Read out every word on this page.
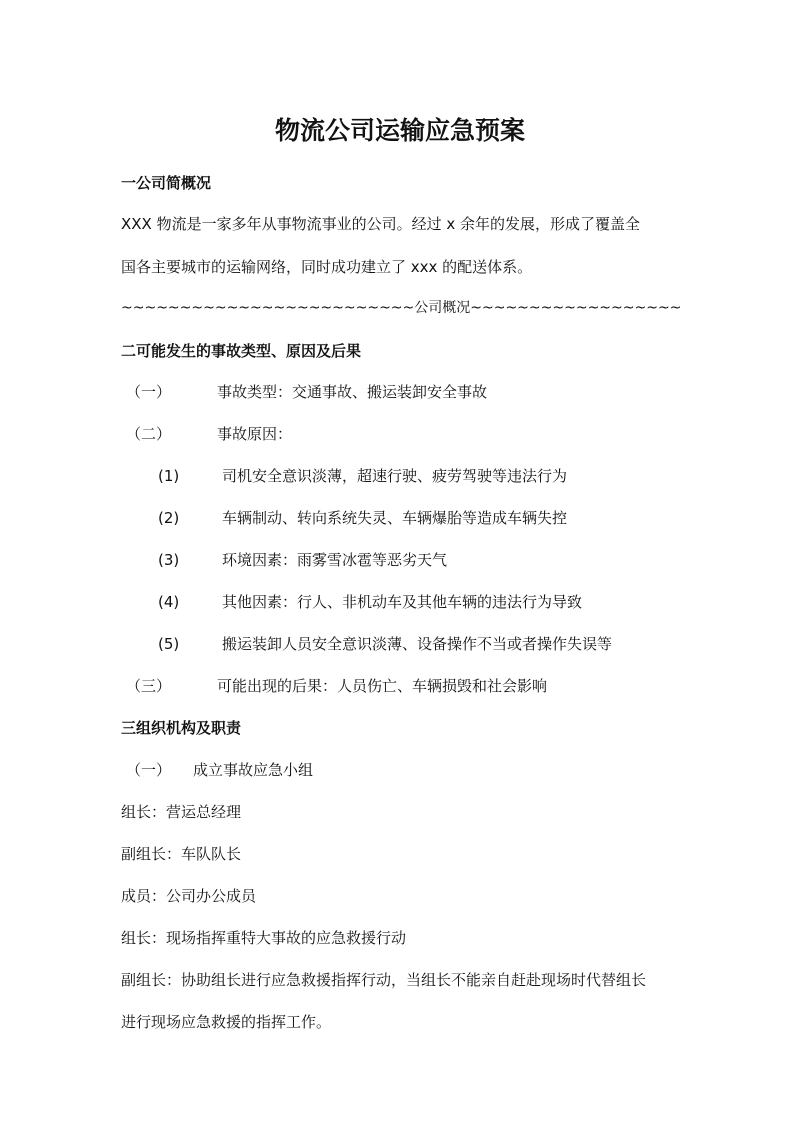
物流公司运输应急预案
一公司简概况
XXX 物流是一家多年从事物流事业的公司。经过 x 余年的发展，形成了覆盖全
国各主要城市的运输网络，同时成功建立了 xxx 的配送体系。
~~~~~~~~~~~~~~~~~~~~~~~~~公司概况~~~~~~~~~~~~~~~~~~
二可能发生的事故类型、原因及后果
（一）	事故类型：交通事故、搬运装卸安全事故
（二）	事故原因：
(1)	司机安全意识淡薄，超速行驶、疲劳驾驶等违法行为
(2)	车辆制动、转向系统失灵、车辆爆胎等造成车辆失控
(3)	环境因素：雨雾雪冰雹等恶劣天气
(4)	其他因素：行人、非机动车及其他车辆的违法行为导致
(5)	搬运装卸人员安全意识淡薄、设备操作不当或者操作失误等
（三）	可能出现的后果：人员伤亡、车辆损毁和社会影响
三组织机构及职责
（一） 成立事故应急小组
组长：营运总经理
副组长：车队队长
成员：公司办公成员
组长：现场指挥重特大事故的应急救援行动
副组长：协助组长进行应急救援指挥行动，当组长不能亲自赶赴现场时代替组长
进行现场应急救援的指挥工作。
